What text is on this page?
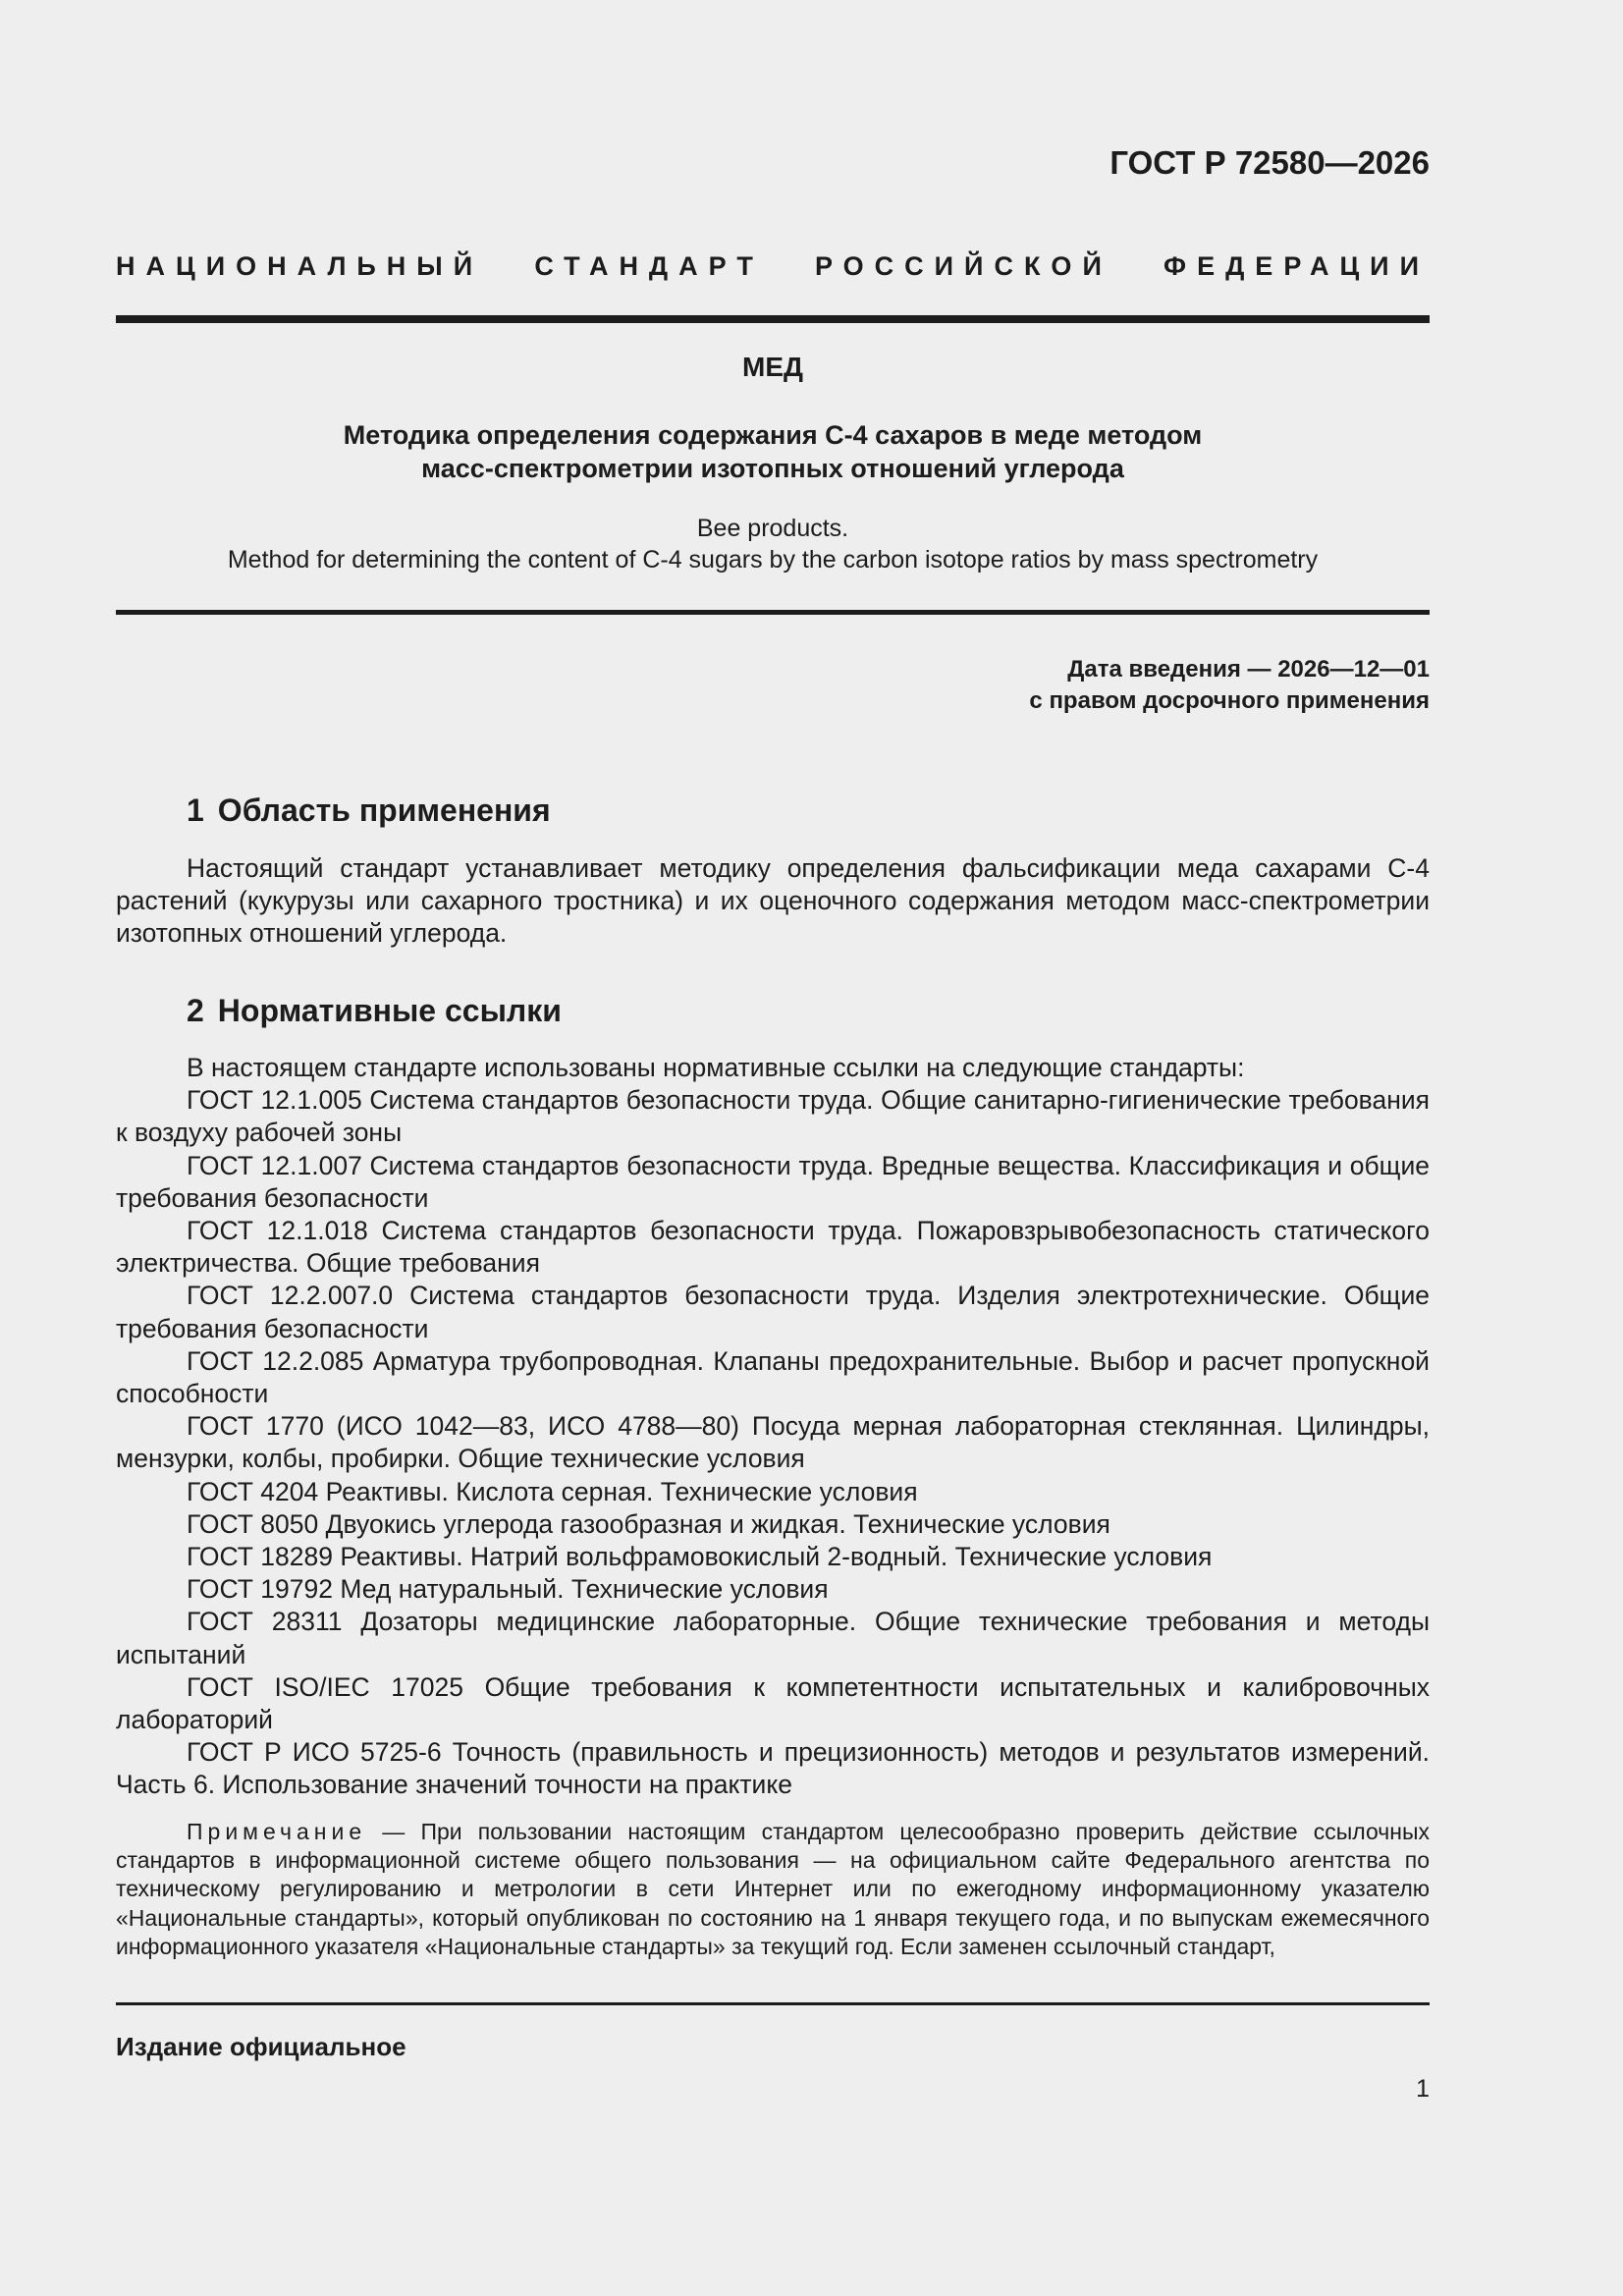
ГОСТ Р 72580—2026
НАЦИОНАЛЬНЫЙ СТАНДАРТ РОССИЙСКОЙ ФЕДЕРАЦИИ
МЕД
Методика определения содержания С-4 сахаров в меде методом
масс-спектрометрии изотопных отношений углерода
Bee products.
Method for determining the content of C-4 sugars by the carbon isotope ratios by mass spectrometry
Дата введения — 2026—12—01
с правом досрочного применения
1 Область применения

Настоящий стандарт устанавливает методику определения фальсификации меда сахарами С-4 растений (кукурузы или сахарного тростника) и их оценочного содержания методом масс-спектрометрии изотопных отношений углерода.

2 Нормативные ссылки

В настоящем стандарте использованы нормативные ссылки на следующие стандарты:

ГОСТ 12.1.005 Система стандартов безопасности труда. Общие санитарно-гигиенические требования к воздуху рабочей зоны

ГОСТ 12.1.007 Система стандартов безопасности труда. Вредные вещества. Классификация и общие требования безопасности

ГОСТ 12.1.018 Система стандартов безопасности труда. Пожаровзрывобезопасность статического электричества. Общие требования

ГОСТ 12.2.007.0 Система стандартов безопасности труда. Изделия электротехнические. Общие требования безопасности

ГОСТ 12.2.085 Арматура трубопроводная. Клапаны предохранительные. Выбор и расчет пропускной способности

ГОСТ 1770 (ИСО 1042—83, ИСО 4788—80) Посуда мерная лабораторная стеклянная. Цилиндры, мензурки, колбы, пробирки. Общие технические условия

ГОСТ 4204 Реактивы. Кислота серная. Технические условия

ГОСТ 8050 Двуокись углерода газообразная и жидкая. Технические условия

ГОСТ 18289 Реактивы. Натрий вольфрамовокислый 2-водный. Технические условия

ГОСТ 19792 Мед натуральный. Технические условия

ГОСТ 28311 Дозаторы медицинские лабораторные. Общие технические требования и методы испытаний

ГОСТ ISO/IEC 17025 Общие требования к компетентности испытательных и калибровочных лабораторий

ГОСТ Р ИСО 5725-6 Точность (правильность и прецизионность) методов и результатов измерений. Часть 6. Использование значений точности на практике

Примечание — При пользовании настоящим стандартом целесообразно проверить действие ссылочных стандартов в информационной системе общего пользования — на официальном сайте Федерального агентства по техническому регулированию и метрологии в сети Интернет или по ежегодному информационному указателю «Национальные стандарты», который опубликован по состоянию на 1 января текущего года, и по выпускам ежемесячного информационного указателя «Национальные стандарты» за текущий год. Если заменен ссылочный стандарт,

Издание официальное
1
